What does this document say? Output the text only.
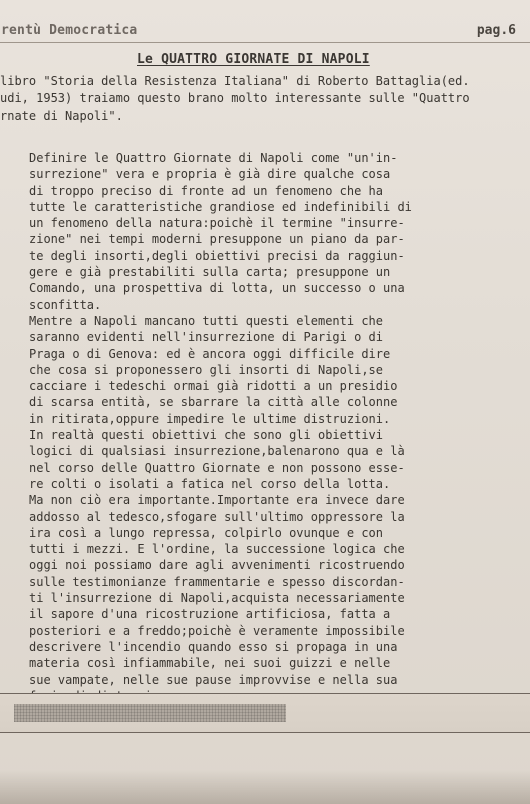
rentù Democratica	pag.6
Le QUATTRO GIORNATE DI NAPOLI
libro "Storia della Resistenza Italiana" di Roberto Battaglia(ed.
udi, 1953) traiamo questo brano molto interessante sulle "Quattro
rnate di Napoli".
Definire le Quattro Giornate di Napoli come "un'in-
surrezione" vera e propria è già dire qualche cosa
di troppo preciso di fronte ad un fenomeno che ha
tutte le caratteristiche grandiose ed indefinibili di
un fenomeno della natura:poichè il termine "insurre-
zione" nei tempi moderni presuppone un piano da par-
te degli insorti,degli obiettivi precisi da raggiun-
gere e già prestabiliti sulla carta; presuppone un
Comando, una prospettiva di lotta, un successo o una
sconfitta.
Mentre a Napoli mancano tutti questi elementi che
saranno evidenti nell'insurrezione di Parigi o di
Praga o di Genova: ed è ancora oggi difficile dire
che cosa si proponessero gli insorti di Napoli,se
cacciare i tedeschi ormai già ridotti a un presidio
di scarsa entità, se sbarrare la città alle colonne
in ritirata,oppure impedire le ultime distruzioni.
In realtà questi obiettivi che sono gli obiettivi
logici di qualsiasi insurrezione,balenarono qua e là
nel corso delle Quattro Giornate e non possono esse-
re colti o isolati a fatica nel corso della lotta.
Ma non ciò era importante.Importante era invece dare
addosso al tedesco,sfogare sull'ultimo oppressore la
ira così a lungo repressa, colpirlo ovunque e con
tutti i mezzi. E l'ordine, la successione logica che
oggi noi possiamo dare agli avvenimenti ricostruendo
sulle testimonianze frammentarie e spesso discordan-
ti l'insurrezione di Napoli,acquista necessariamente
il sapore d'una ricostruzione artificiosa, fatta a
posteriori e a freddo;poichè è veramente impossibile
descrivere l'incendio quando esso si propaga in una
materia così infiammabile, nei suoi guizzi e nelle
sue vampate, nelle sue pause improvvise e nella sua
